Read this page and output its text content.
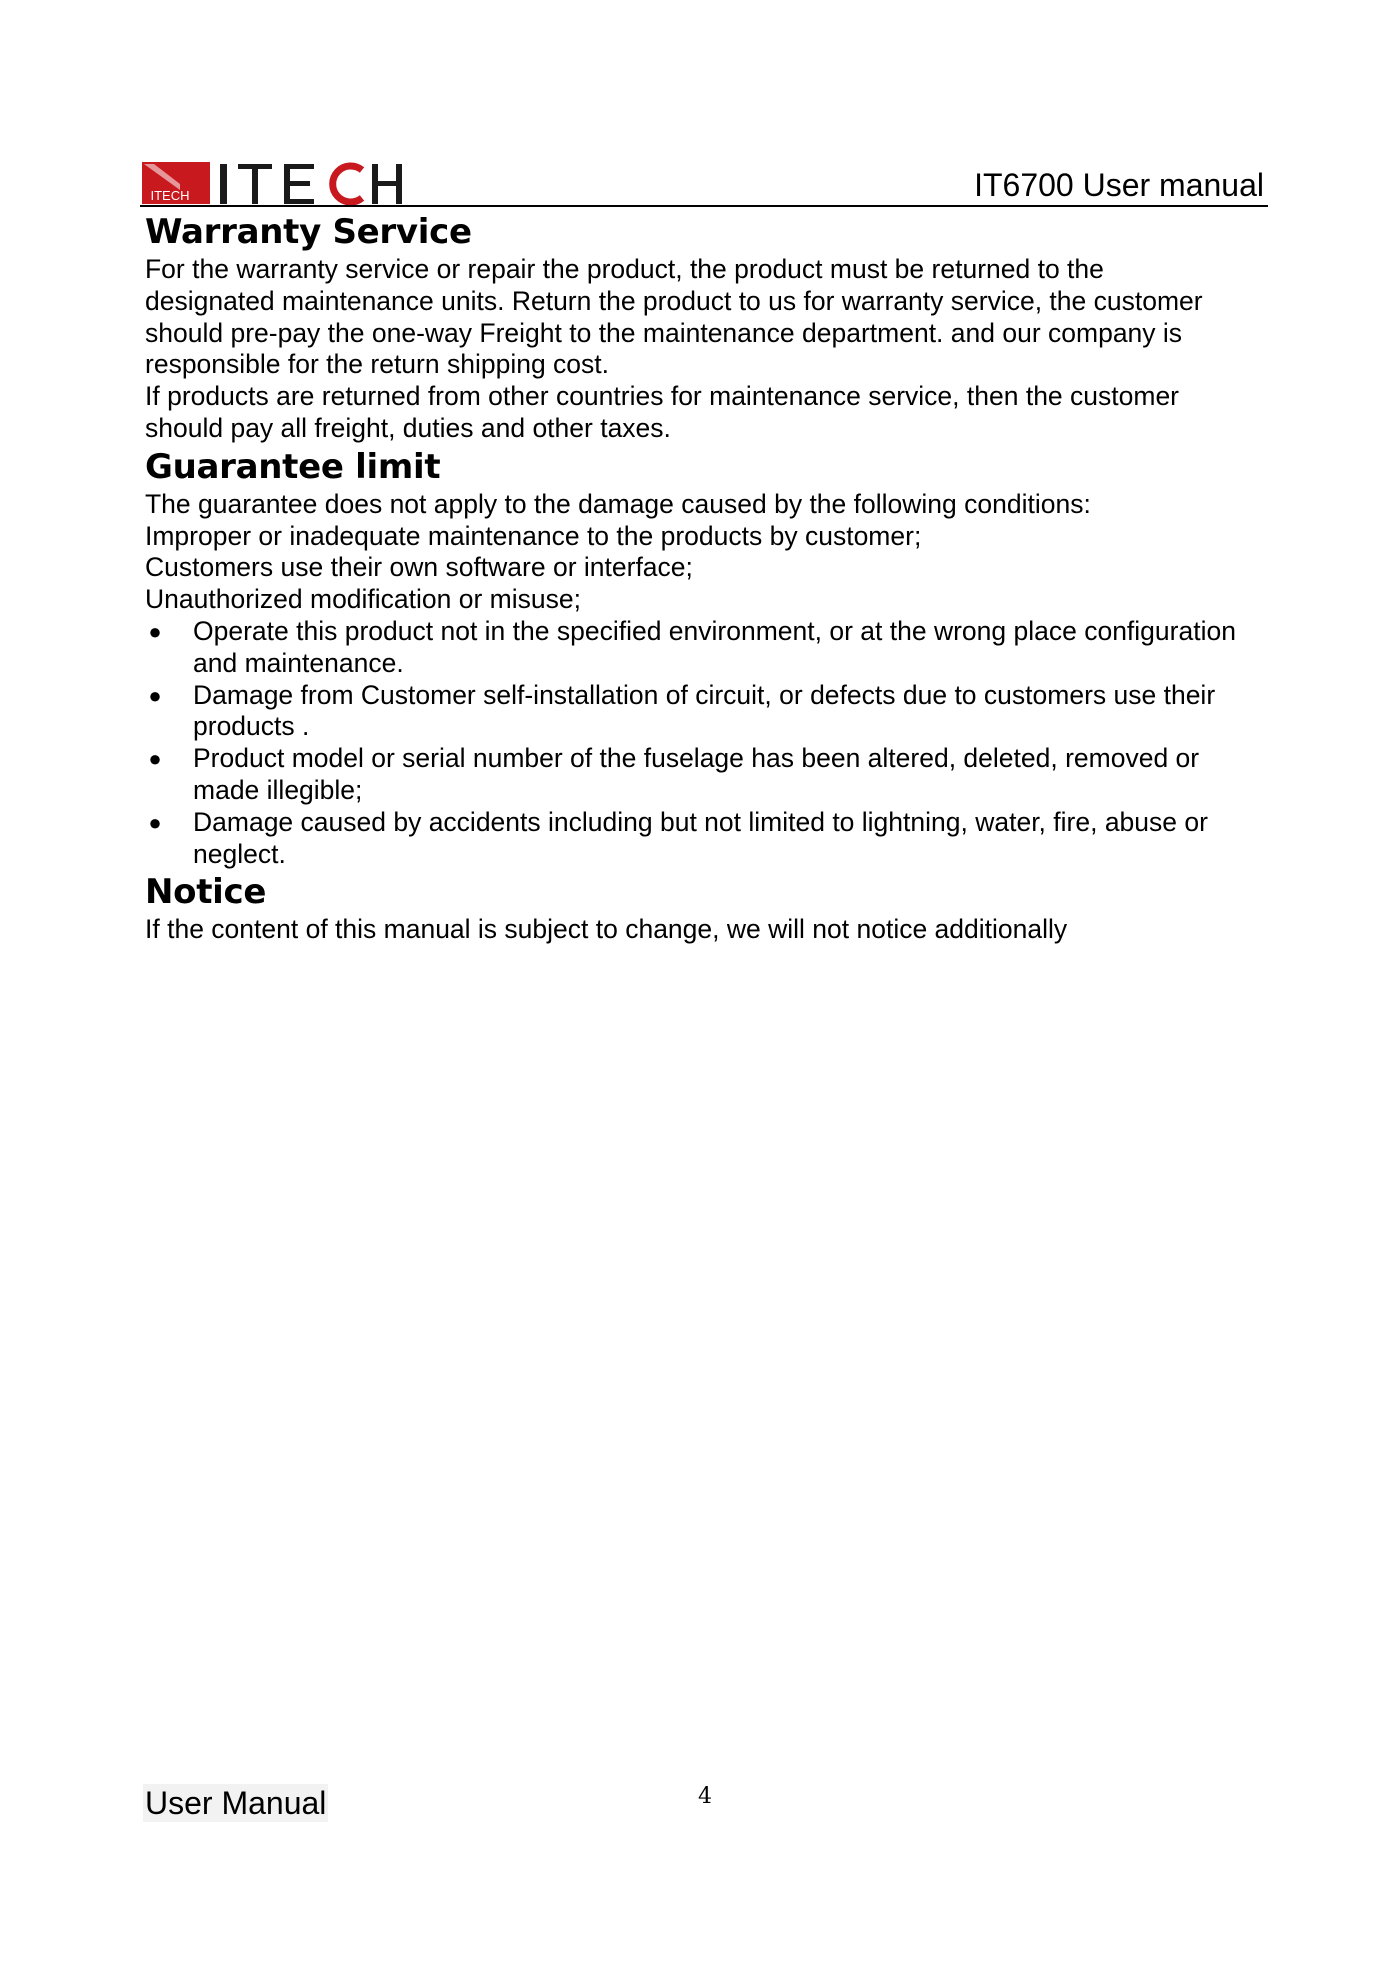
ITECH	IT6700 User manual
Warranty Service

For the warranty service or repair the product, the product must be returned to the
designated maintenance units. Return the product to us for warranty service, the customer
should pre-pay the one-way Freight to the maintenance department. and our company is
responsible for the return shipping cost.

If products are returned from other countries for maintenance service, then the customer
should pay all freight, duties and other taxes.

Guarantee limit

The guarantee does not apply to the damage caused by the following conditions:

Improper or inadequate maintenance to the products by customer;

Customers use their own software or interface;

Unauthorized modification or misuse;

● Operate this product not in the specified environment, or at the wrong place configuration and maintenance.
● Damage from Customer self-installation of circuit, or defects due to customers use their products .
● Product model or serial number of the fuselage has been altered, deleted, removed or made illegible;
● Damage caused by accidents including but not limited to lightning, water, fire, abuse or neglect.
Notice

If the content of this manual is subject to change, we will not notice additionally

User Manual	4
